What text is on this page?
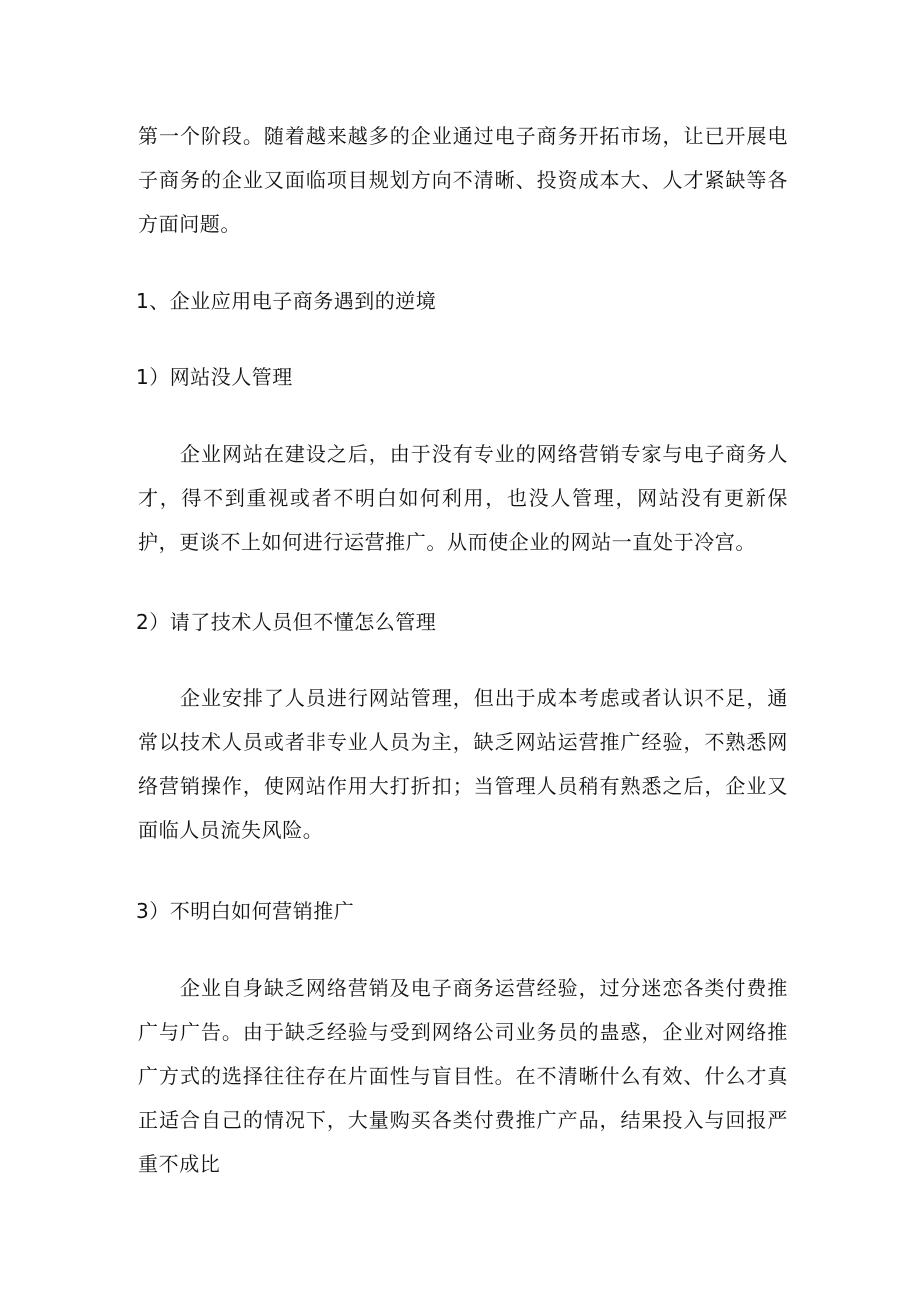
第一个阶段。随着越来越多的企业通过电子商务开拓市场，让已开展电子商务的企业又面临项目规划方向不清晰、投资成本大、人才紧缺等各方面问题。
1、企业应用电子商务遇到的逆境
1）网站没人管理
企业网站在建设之后，由于没有专业的网络营销专家与电子商务人才，得不到重视或者不明白如何利用，也没人管理，网站没有更新保护，更谈不上如何进行运营推广。从而使企业的网站一直处于冷宫。
2）请了技术人员但不懂怎么管理
企业安排了人员进行网站管理，但出于成本考虑或者认识不足，通常以技术人员或者非专业人员为主，缺乏网站运营推广经验，不熟悉网络营销操作，使网站作用大打折扣；当管理人员稍有熟悉之后，企业又面临人员流失风险。
3）不明白如何营销推广
企业自身缺乏网络营销及电子商务运营经验，过分迷恋各类付费推广与广告。由于缺乏经验与受到网络公司业务员的蛊惑，企业对网络推广方式的选择往往存在片面性与盲目性。在不清晰什么有效、什么才真正适合自己的情况下，大量购买各类付费推广产品，结果投入与回报严重不成比
